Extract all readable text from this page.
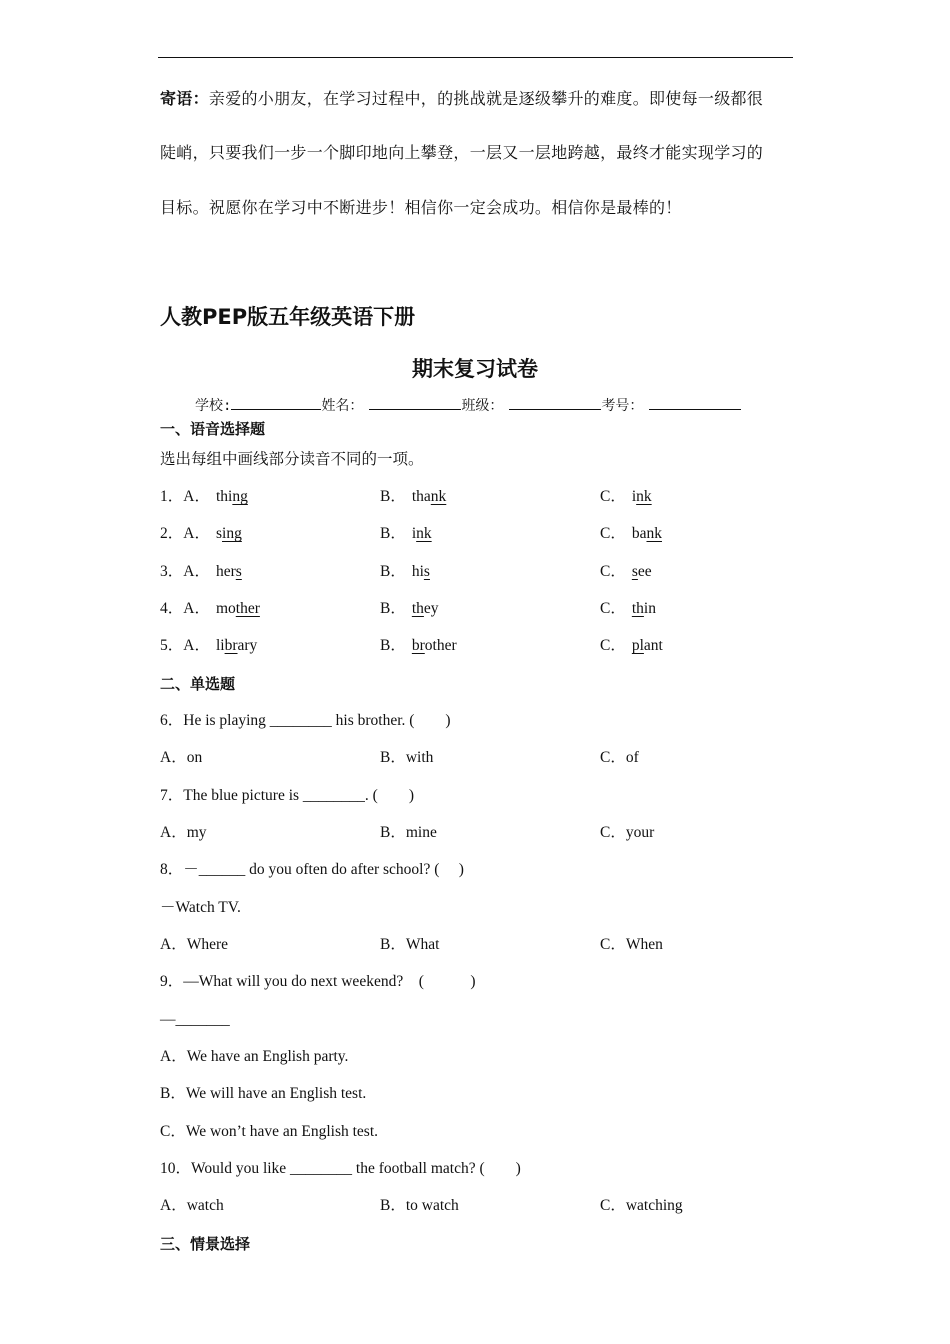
寄语：亲爱的小朋友，在学习过程中，的挑战就是逐级攀升的难度。即使每一级都很
陡峭，只要我们一步一个脚印地向上攀登，一层又一层地跨越，最终才能实现学习的
目标。祝愿你在学习中不断进步！相信你一定会成功。相信你是最棒的！
人教PEP版五年级英语下册
期末复习试卷
学校:	姓名：	班级：	考号：
一、语音选择题
选出每组中画线部分读音不同的一项。
1．A． thing	B． thank	C． ink
2．A． sing	B． ink	C． bank
3．A． hers	B． his	C． see
4．A． mother	B． they	C． thin
5．A． library	B． brother	C． plant
二、单选题
6．He is playing ________ his brother. (　　)
A．on	B．with	C．of
7．The blue picture is ________. (　　)
A．my	B．mine	C．your
8．－______ do you often do after school? (　 )
－Watch TV.
A．Where	B．What	C．When
9．—What will you do next weekend?　(　　　)
—_______
A．We have an English party.
B．We will have an English test.
C．We won’t have an English test.
10．Would you like ________ the football match? (　　)
A．watch	B．to watch	C．watching
三、情景选择
